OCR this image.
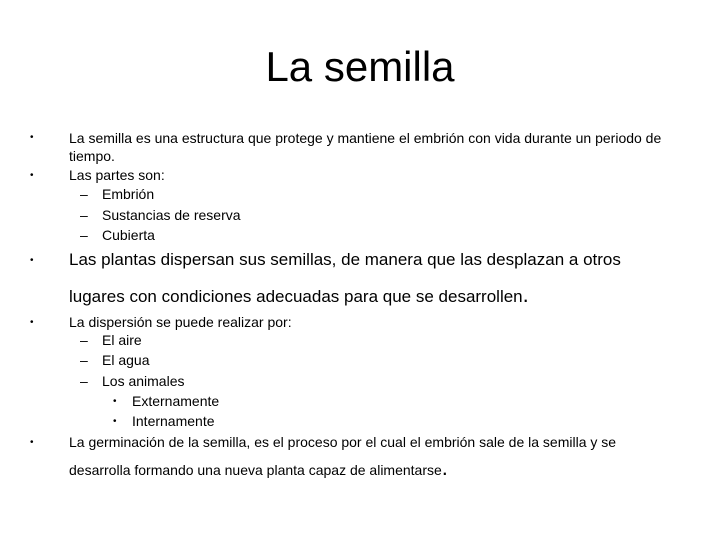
La semilla
•	La semilla es una estructura que protege y mantiene el embrión con vida durante un periodo de
tiempo.
•	Las partes son:
– Embrión
– Sustancias de reserva
– Cubierta
• Las plantas dispersan sus semillas, de manera que las desplazan a otros
lugares con condiciones adecuadas para que se desarrollen.
•	La dispersión se puede realizar por:
– El aire
– El agua
– Los animales
• Externamente
• Internamente
•	La germinación de la semilla, es el proceso por el cual el embrión sale de la semilla y se
desarrolla formando una nueva planta capaz de alimentarse.
